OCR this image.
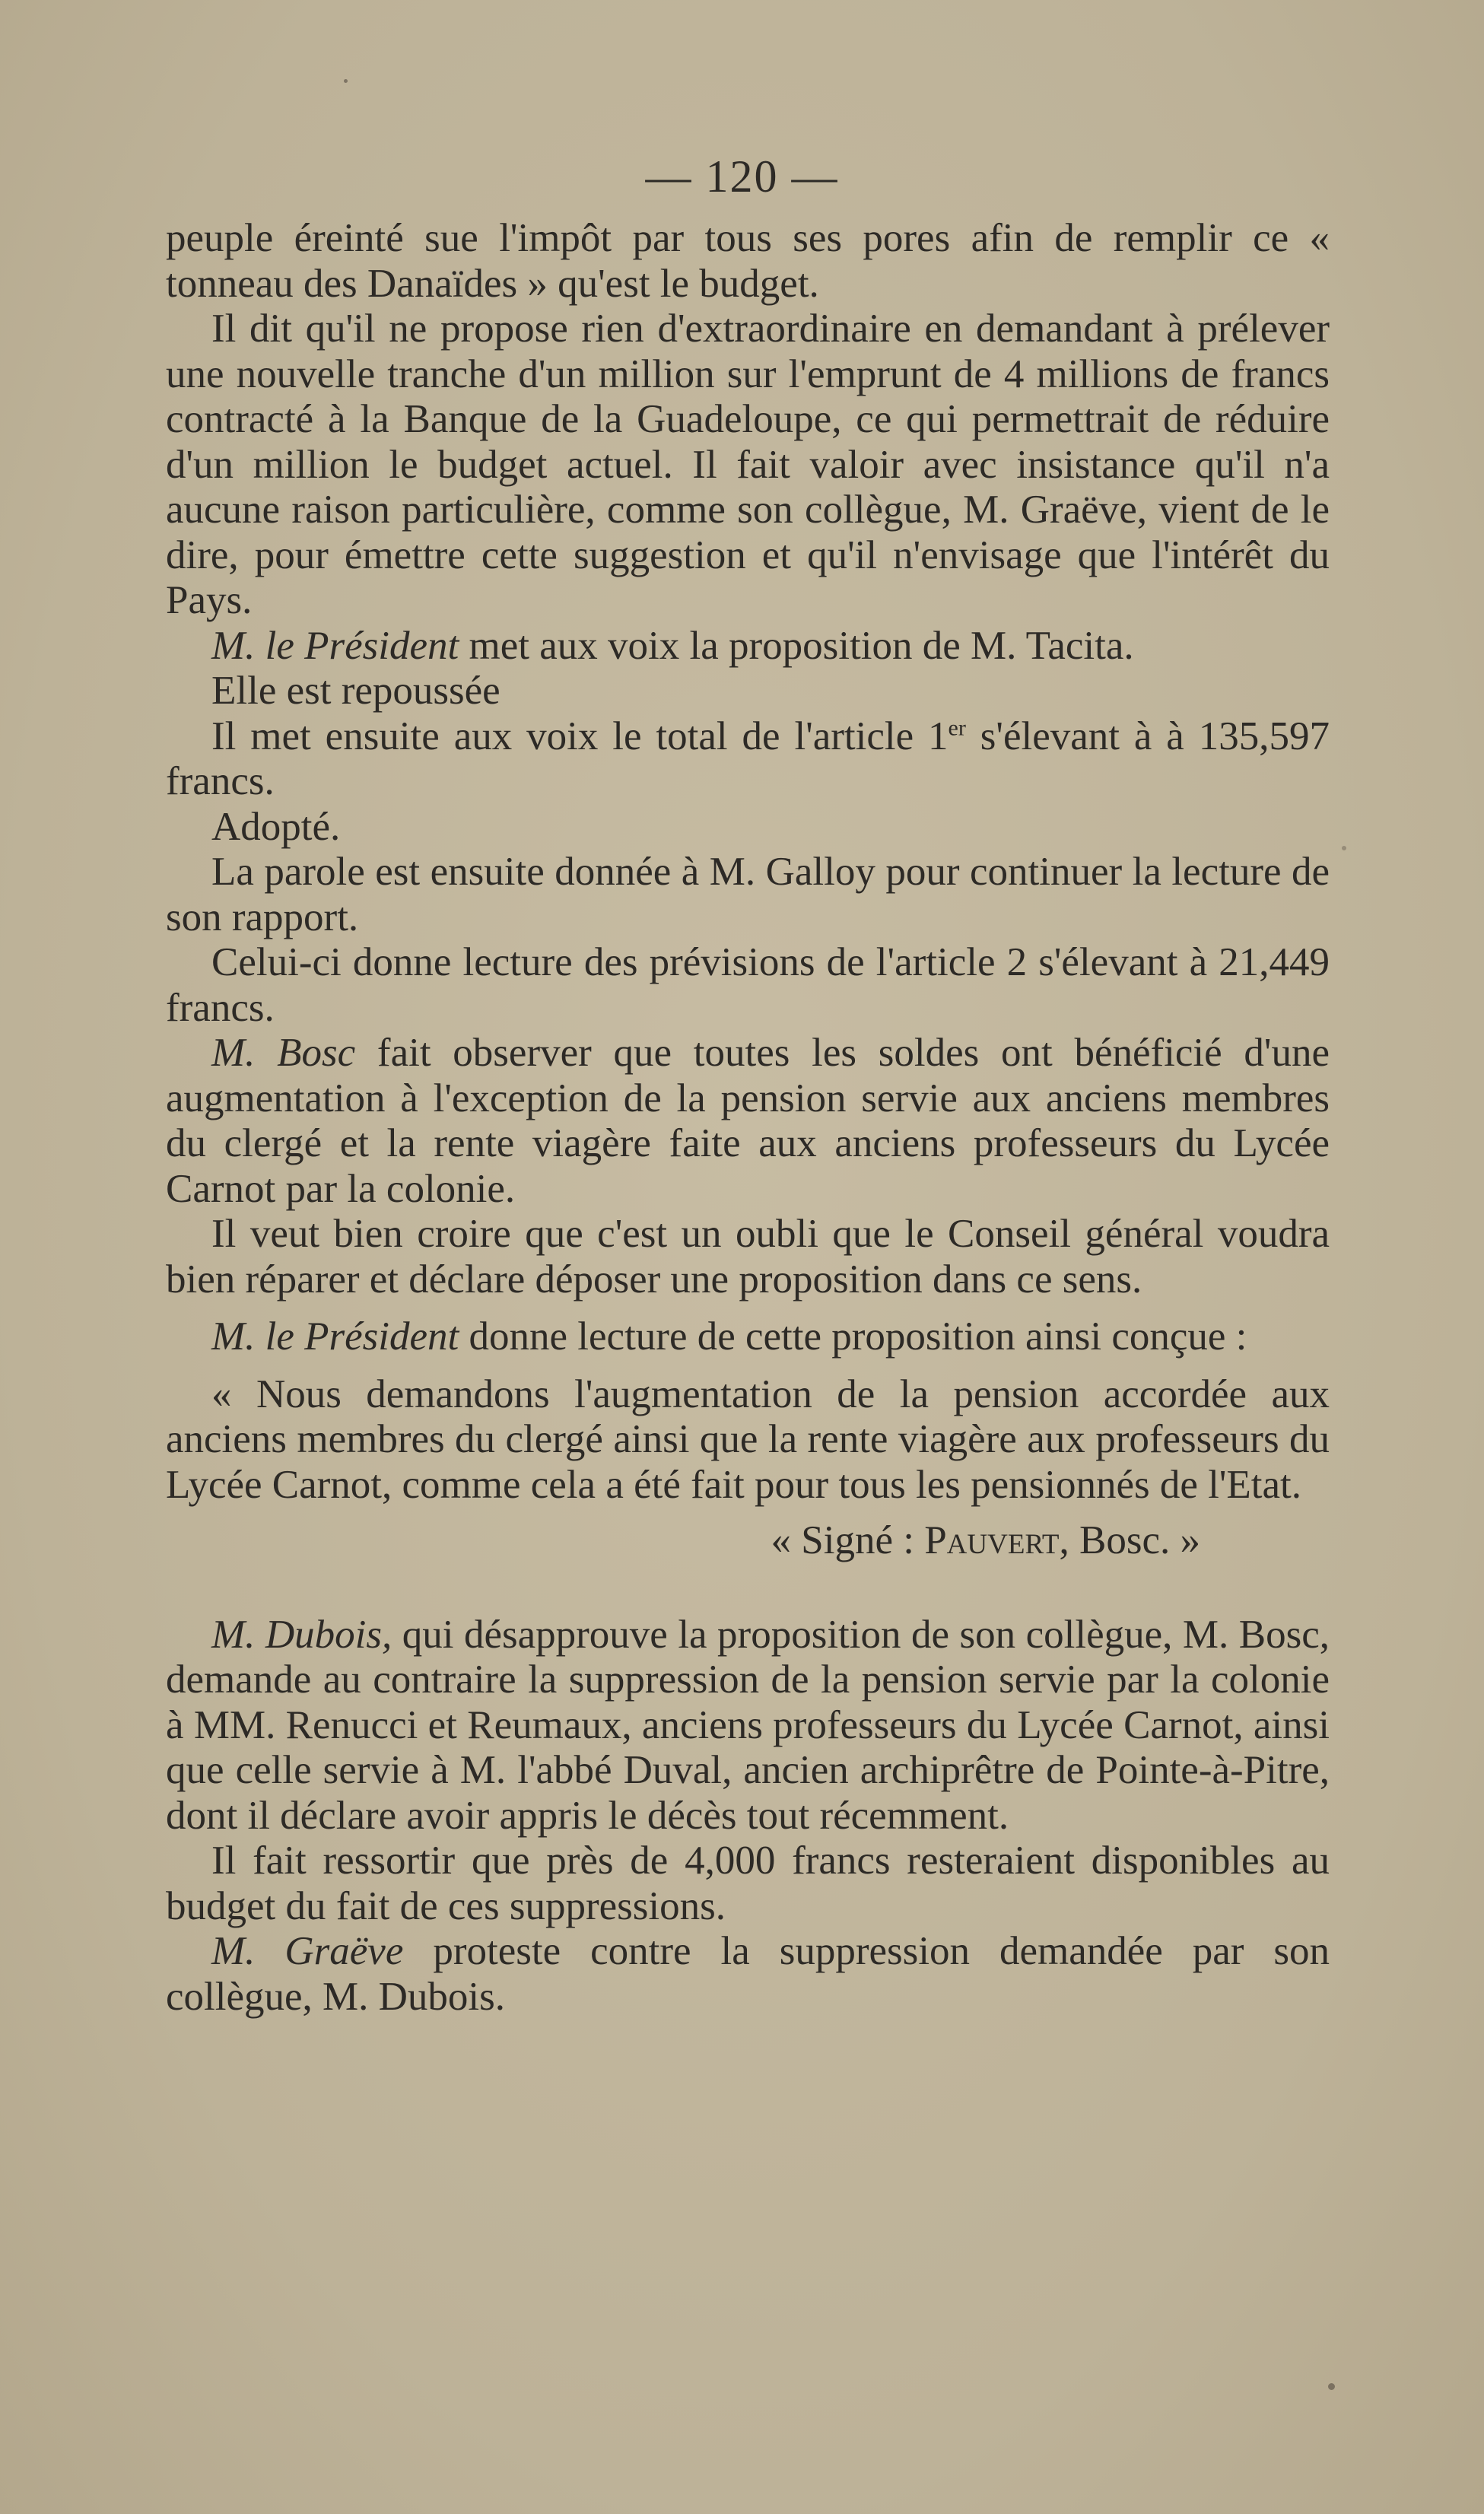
— 120 —

peuple éreinté sue l'impôt par tous ses pores afin de remplir ce « tonneau des Danaïdes » qu'est le budget.

Il dit qu'il ne propose rien d'extraordinaire en demandant à prélever une nouvelle tranche d'un million sur l'emprunt de 4 millions de francs contracté à la Banque de la Guadeloupe, ce qui permettrait de réduire d'un million le budget actuel. Il fait valoir avec insistance qu'il n'a aucune raison particulière, comme son collègue, M. Graëve, vient de le dire, pour émettre cette suggestion et qu'il n'envisage que l'intérêt du Pays.

M. le Président met aux voix la proposition de M. Tacita.

Elle est repoussée

Il met ensuite aux voix le total de l'article 1er s'élevant à à 135,597 francs.

Adopté.

La parole est ensuite donnée à M. Galloy pour continuer la lecture de son rapport.

Celui-ci donne lecture des prévisions de l'article 2 s'élevant à 21,449 francs.

M. Bosc fait observer que toutes les soldes ont bénéficié d'une augmentation à l'exception de la pension servie aux anciens membres du clergé et la rente viagère faite aux anciens professeurs du Lycée Carnot par la colonie.

Il veut bien croire que c'est un oubli que le Conseil général voudra bien réparer et déclare déposer une proposition dans ce sens.

M. le Président donne lecture de cette proposition ainsi conçue :

« Nous demandons l'augmentation de la pension accordée aux anciens membres du clergé ainsi que la rente viagère aux professeurs du Lycée Carnot, comme cela a été fait pour tous les pensionnés de l'Etat.

« Signé : Pauvert, Bosc. »

M. Dubois, qui désapprouve la proposition de son collègue, M. Bosc, demande au contraire la suppression de la pension servie par la colonie à MM. Renucci et Reumaux, anciens professeurs du Lycée Carnot, ainsi que celle servie à M. l'abbé Duval, ancien archiprêtre de Pointe-à-Pitre, dont il déclare avoir appris le décès tout récemment.

Il fait ressortir que près de 4,000 francs resteraient disponibles au budget du fait de ces suppressions.

M. Graëve proteste contre la suppression demandée par son collègue, M. Dubois.
